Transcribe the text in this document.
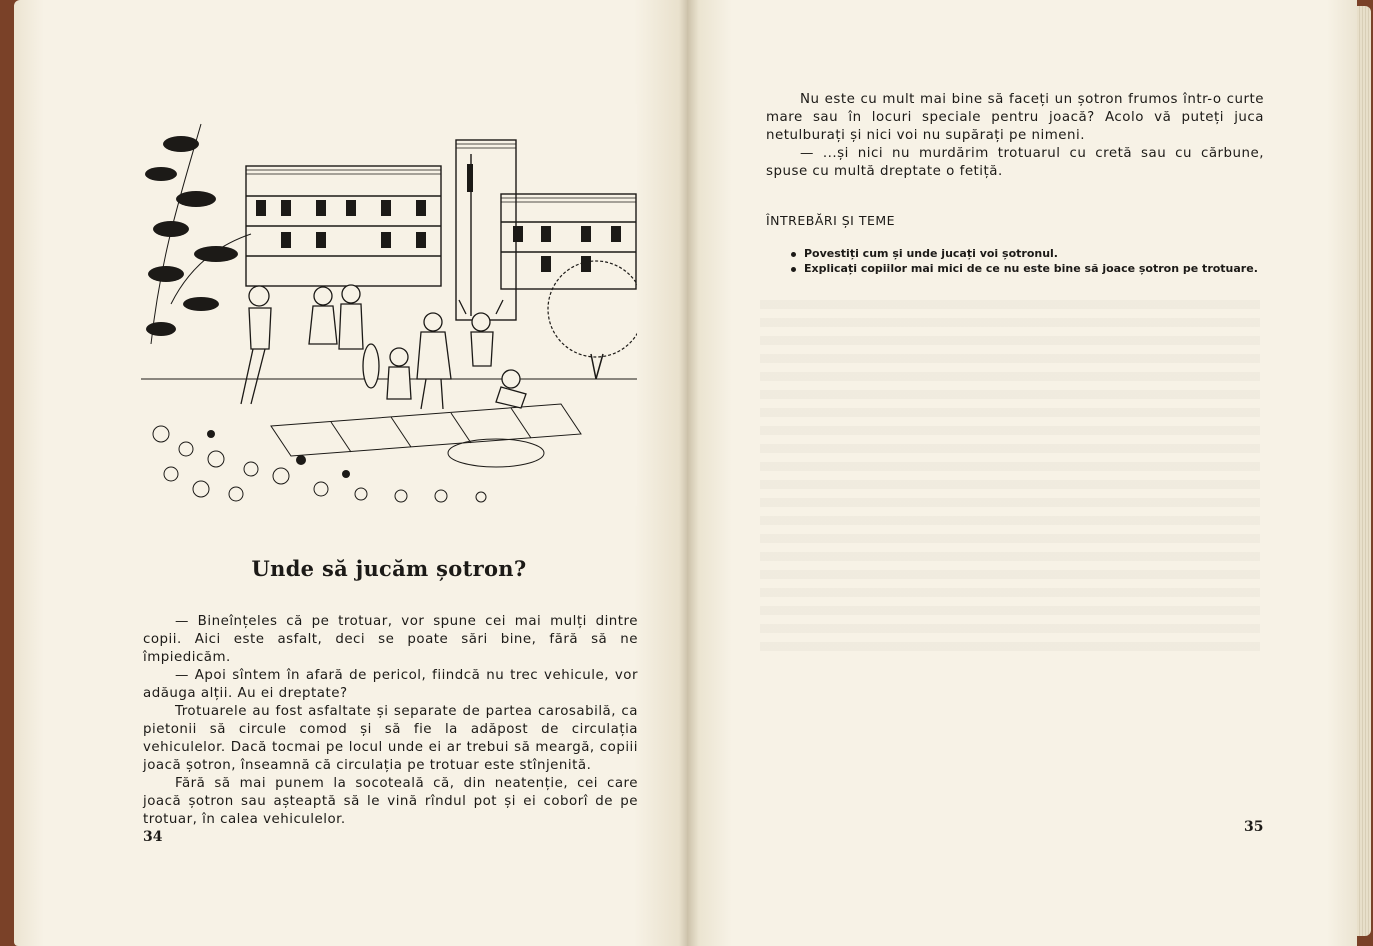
Unde să jucăm șotron?

— Bineînțeles că pe trotuar, vor spune cei mai mulți dintre copii. Aici este asfalt, deci se poate sări bine, fără să ne împiedicăm.

— Apoi sîntem în afară de pericol, fiindcă nu trec vehicule, vor adăuga alții. Au ei dreptate?

Trotuarele au fost asfaltate și separate de partea carosabilă, ca pietonii să circule comod și să fie la adăpost de circulația vehiculelor. Dacă tocmai pe locul unde ei ar trebui să meargă, copiii joacă șotron, înseamnă că circulația pe trotuar este stînjenită.

Fără să mai punem la socoteală că, din neatenție, cei care joacă șotron sau așteaptă să le vină rîndul pot și ei coborî de pe trotuar, în calea vehiculelor.

34

Nu este cu mult mai bine să faceți un șotron frumos într-o curte mare sau în locuri speciale pentru joacă? Acolo vă puteți juca netulburați și nici voi nu supărați pe nimeni.

— ...și nici nu murdărim trotuarul cu cretă sau cu cărbune, spuse cu multă dreptate o fetiță.

ÎNTREBĂRI ȘI TEME
Povestiți cum și unde jucați voi șotronul.
Explicați copiilor mai mici de ce nu este bine să joace șotron pe trotuare.
35
